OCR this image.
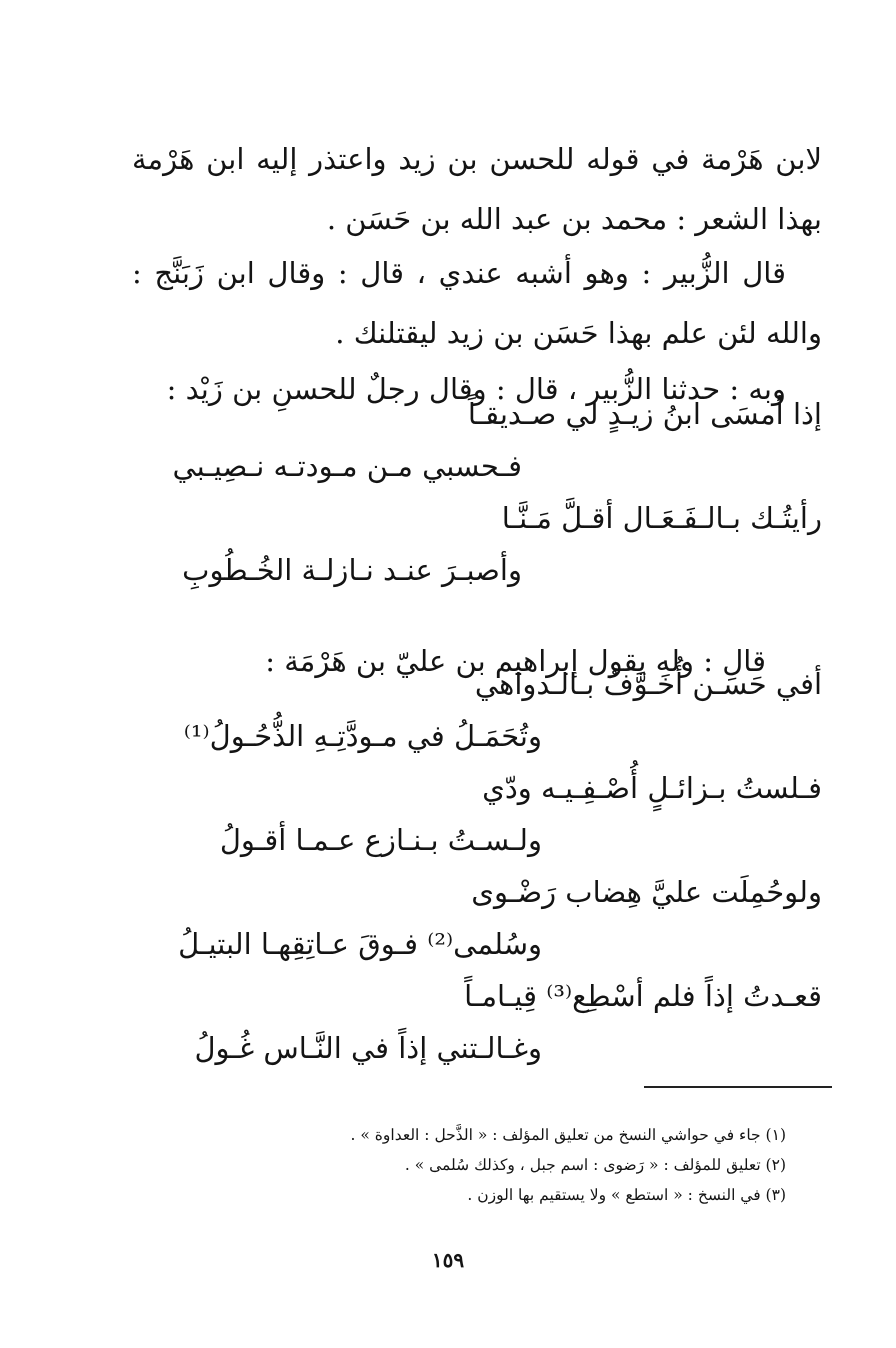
لابن هَرْمة في قوله للحسن بن زيد واعتذر إليه ابن هَرْمة بهذا الشعر : محمد بن عبد الله بن حَسَن .

قال الزُّبير : وهو أشبه عندي ، قال : وقال ابن زَبَنَّج : والله لئن علم بهذا حَسَن بن زيد ليقتلنك .

وبه : حدثنا الزُّبير ، قال : وقال رجلٌ للحسنِ بن زَيْد :

إذا أمسَى ابنُ زيـدٍ لي صـديقـاً
فـحسبي مـن مـودتـه نـصِيـبي
رأيتُـك بـالـفَـعَـال أقـلَّ مَـنَّـا
وأصبـرَ عنـد نـازلـة الخُـطُوبِ

قال : وله يقول إبراهيم بن عليّ بن هَرْمَة :

أفي حَسَـن أُخَـوَّفُ بـالـدواهي
وتُحَمَـلُ في مـودَّتِـهِ الذُّحُـولُ⁽¹⁾
فـلستُ بـزائـلٍ أُصْـفِـيـه ودّي
ولـسـتُ بـنـازع عـمـا أقـولُ
ولوحُمِلَت عليَّ هِضاب رَضْـوى
وسُلمى⁽²⁾ فـوقَ عـاتِقِهـا البتيـلُ
قعـدتُ إذاً فلم أسْطِع⁽³⁾ قِيـامـاً
وغـالـتني إذاً في النَّـاس غُـولُ
(١) جاء في حواشي النسخ من تعليق المؤلف : « الذَّحل : العداوة » .
(٢) تعليق للمؤلف : « رَضوى : اسم جبل ، وكذلك سُلمى » .
(٣) في النسخ : « استطع » ولا يستقيم بها الوزن .
١٥٩
